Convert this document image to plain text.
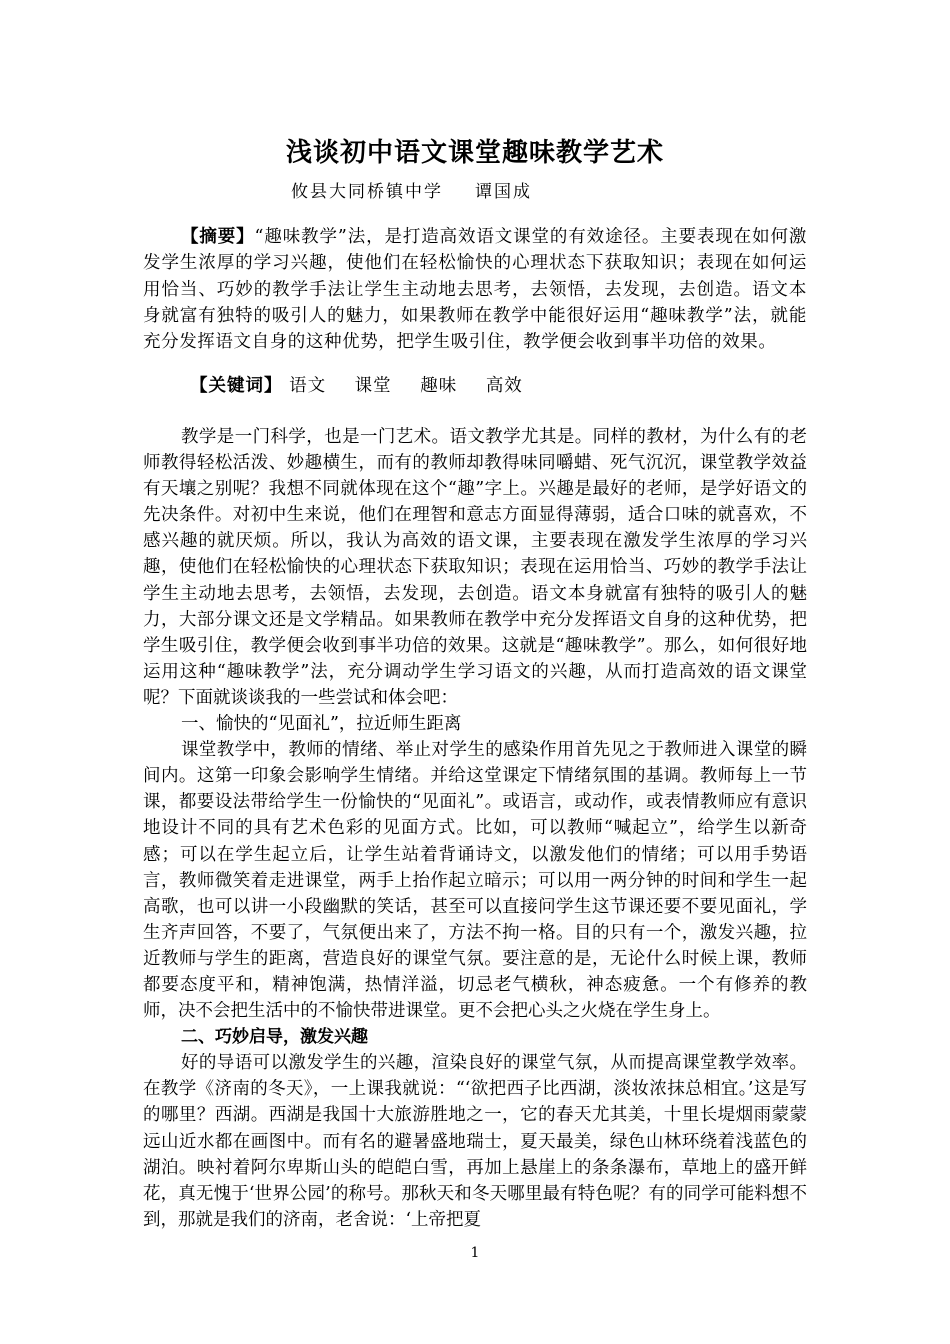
浅谈初中语文课堂趣味教学艺术
攸县大同桥镇中学 谭国成

【摘要】“趣味教学”法，是打造高效语文课堂的有效途径。主要表现在如何激发学生浓厚的学习兴趣，使他们在轻松愉快的心理状态下获取知识；表现在如何运用恰当、巧妙的教学手法让学生主动地去思考，去领悟，去发现，去创造。语文本身就富有独特的吸引人的魅力，如果教师在教学中能很好运用“趣味教学”法，就能充分发挥语文自身的这种优势，把学生吸引住，教学便会收到事半功倍的效果。

【关键词】 语文 课堂 趣味 高效

教学是一门科学，也是一门艺术。语文教学尤其是。同样的教材，为什么有的老师教得轻松活泼、妙趣横生，而有的教师却教得味同嚼蜡、死气沉沉，课堂教学效益有天壤之别呢？我想不同就体现在这个“趣”字上。兴趣是最好的老师，是学好语文的先决条件。对初中生来说，他们在理智和意志方面显得薄弱，适合口味的就喜欢，不感兴趣的就厌烦。所以，我认为高效的语文课，主要表现在激发学生浓厚的学习兴趣，使他们在轻松愉快的心理状态下获取知识；表现在运用恰当、巧妙的教学手法让学生主动地去思考，去领悟，去发现，去创造。语文本身就富有独特的吸引人的魅力，大部分课文还是文学精品。如果教师在教学中充分发挥语文自身的这种优势，把学生吸引住，教学便会收到事半功倍的效果。这就是“趣味教学”。那么，如何很好地运用这种“趣味教学”法，充分调动学生学习语文的兴趣，从而打造高效的语文课堂呢？下面就谈谈我的一些尝试和体会吧：

一、愉快的“见面礼”，拉近师生距离

课堂教学中，教师的情绪、举止对学生的感染作用首先见之于教师进入课堂的瞬间内。这第一印象会影响学生情绪。并给这堂课定下情绪氛围的基调。教师每上一节课，都要设法带给学生一份愉快的“见面礼”。或语言，或动作，或表情教师应有意识地设计不同的具有艺术色彩的见面方式。比如，可以教师“喊起立”，给学生以新奇感；可以在学生起立后，让学生站着背诵诗文，以激发他们的情绪；可以用手势语言，教师微笑着走进课堂，两手上抬作起立暗示；可以用一两分钟的时间和学生一起高歌，也可以讲一小段幽默的笑话，甚至可以直接问学生这节课还要不要见面礼，学生齐声回答，不要了，气氛便出来了，方法不拘一格。目的只有一个，激发兴趣，拉近教师与学生的距离，营造良好的课堂气氛。要注意的是，无论什么时候上课，教师都要态度平和，精神饱满，热情洋溢，切忌老气横秋，神态疲惫。一个有修养的教师，决不会把生活中的不愉快带进课堂。更不会把心头之火烧在学生身上。

二、巧妙启导，激发兴趣

好的导语可以激发学生的兴趣，渲染良好的课堂气氛，从而提高课堂教学效率。在教学《济南的冬天》，一上课我就说：“‘欲把西子比西湖，淡妆浓抹总相宜。’这是写的哪里？西湖。西湖是我国十大旅游胜地之一，它的春天尤其美，十里长堤烟雨蒙蒙远山近水都在画图中。而有名的避暑盛地瑞士，夏天最美，绿色山林环绕着浅蓝色的湖泊。映衬着阿尔卑斯山头的皑皑白雪，再加上悬崖上的条条瀑布，草地上的盛开鲜花，真无愧于‘世界公园’的称号。那秋天和冬天哪里最有特色呢？有的同学可能料想不到，那就是我们的济南，老舍说：‘上帝把夏

1
